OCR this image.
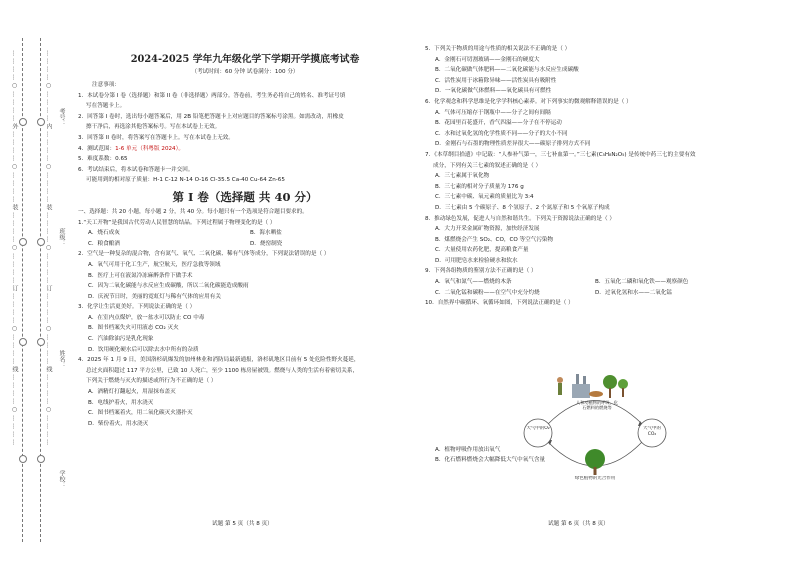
…………○…………外…………○…………装…………○…………订…………○…………线…………○…………	…………○…………内…………○…………装…………○…………订…………○…………线…………○…………
学校：
姓名：
班级：
考号：
2024-2025 学年九年级化学下学期开学摸底考试卷
（考试时间：60 分钟 试卷满分：100 分）
注意事项：
1．本试卷分第 I 卷（选择题）和第 II 卷（非选择题）两部分。答卷前，考生务必将自己的姓名、准考证号填
写在答题卡上。
2．回答第 I 卷时，选出每小题答案后，用 2B 铅笔把答题卡上对应题目的答案标号涂黑。如需改动，用橡皮
擦干净后，再选涂其他答案标号。写在本试卷上无效。
3．回答第 II 卷时，将答案写在答题卡上。写在本试卷上无效。
4．测试范围：1-6 单元（科粤版 2024）。
5．难度系数：0.65
6．考试结束后，将本试卷和答题卡一并交回。
可能用到的相对原子质量：H-1 C-12 N-14 O-16 Cl-35.5 Ca-40 Cu-64 Zn-65
第 I 卷（选择题 共 40 分）
一、选择题：共 20 小题，每小题 2 分，共 40 分。每小题只有一个选项是符合题目要求的。
1.“天工开物”是我国古代劳动人民智慧的结晶。下列过程属于物理变化的是（ ）
A．烧石成灰	B．海水晒盐
C．粮食酿酒	D．烧窑制瓷
2．空气是一种复杂的混合物，含有氮气、氧气、二氧化碳、稀有气体等成分，下列说法错误的是（ ）
A．氧气可用于化工生产，航空航天，医疗急救等领域
B．医疗上可在液氮冷冻麻醉条件下做手术
C．因为二氧化碳能与水反应生成碳酸，所以二氧化碳能造成酸雨
D．庆祝节日时，美丽的霓虹灯与稀有气体的应用有关
3．化学让生活更美好。下列说法正确的是（ ）
A．在室内点煤炉，放一盆水可以防止 CO 中毒
B．图书档案失火可用液态 CO₂ 灭火
C．汽油除油污是乳化现象
D．饮用硬化硬水后可以除去水中所有的杂质
4．2025 年 1 月 9 日，美国洛杉矶爆发的加州林业和消防局最新通报，洛杉矶地区目前有 5 处危险性野火蔓延，
总过火面积超过 117 平方公里，已致 10 人死亡，至少 1100 栋房屋被毁。燃烧与人类的生活有着密切关系，
下列关于燃烧与灭火的描述或所行为不正确的是（ ）
A．酒精灯打翻起火，用湿抹布盖灭
B．电线护着火，用水浇灭
C．图书档案着火，用二氧化碳灭火器扑灭
D．柴份着火，用水浇灭
5．下列关于物质的用途与性质的相关说法不正确的是（ ）
A．金刚石可切割玻璃——金刚石的硬度大
B．二氧化碳做气体肥料——二氧化碳能与水反应生成碳酸
C．活性炭用于冰箱除异味——活性炭具有吸附性
D．一氧化碳做气体燃料——氧化碳具有可燃性
6．化学观念和科学思维是化学学科核心素养。对下列事实的微观解释错误的是（ ）
A．气体可压缩存于钢瓶中——分子之间有间隔
B．花园里百花盛开，香气四溢——分子在不停运动
C．水和过氧化氢的化学性质不同——分子的大小不同
D．金刚石与石墨的物理性质差异很大——碳原子排列方式不同
7．《本草纲目拾遗》中记载：“人参补气第一，三七补血第一。”三七素(C₅H₈N₂O₅) 是传统中药三七的主要有效
成分，下列有关三七素的叙述正确的是（ ）
A．三七素属于氧化物
B．三七素的相对分子质量为 176 g
C．三七素中碳、氧元素的质量比为 3:4
D．三七素由 5 个碳原子、8 个氢原子、2 个氮原子和 5 个氧原子构成
8．推动绿色发展，促进人与自然和谐共生。下列关于资源说法正确的是（ ）
A．大力开采金属矿物资源，加快经济发展
B．煤燃烧会产生 SO₂、CO，CO 等空气污染物
C．大量使用农药化肥，提高粮食产量
D．可用肥皂水来检验硬水和软水
9．下列各组物质的鉴别方法不正确的是（ ）
A．氧气和氮气——燃烧的木条	B．五氧化二磷和氧化铁——观察颜色
C．二氧化锰和碳粉——在空气中充分灼烧	D．过氧化氢和水——二氧化锰
10．自然界中碳循环、氧循环如图，下列说法正确的是（ ）
A．植物呼吸作用放出氧气
B．化石燃料燃烧会大幅降低大气中氧气含量
大气中的O₂	大气中的CO₂
人和动植物的呼吸、化石燃料的燃烧等
绿色植物的光合作用
试题 第 5 页（共 8 页）	试题 第 6 页（共 8 页）
